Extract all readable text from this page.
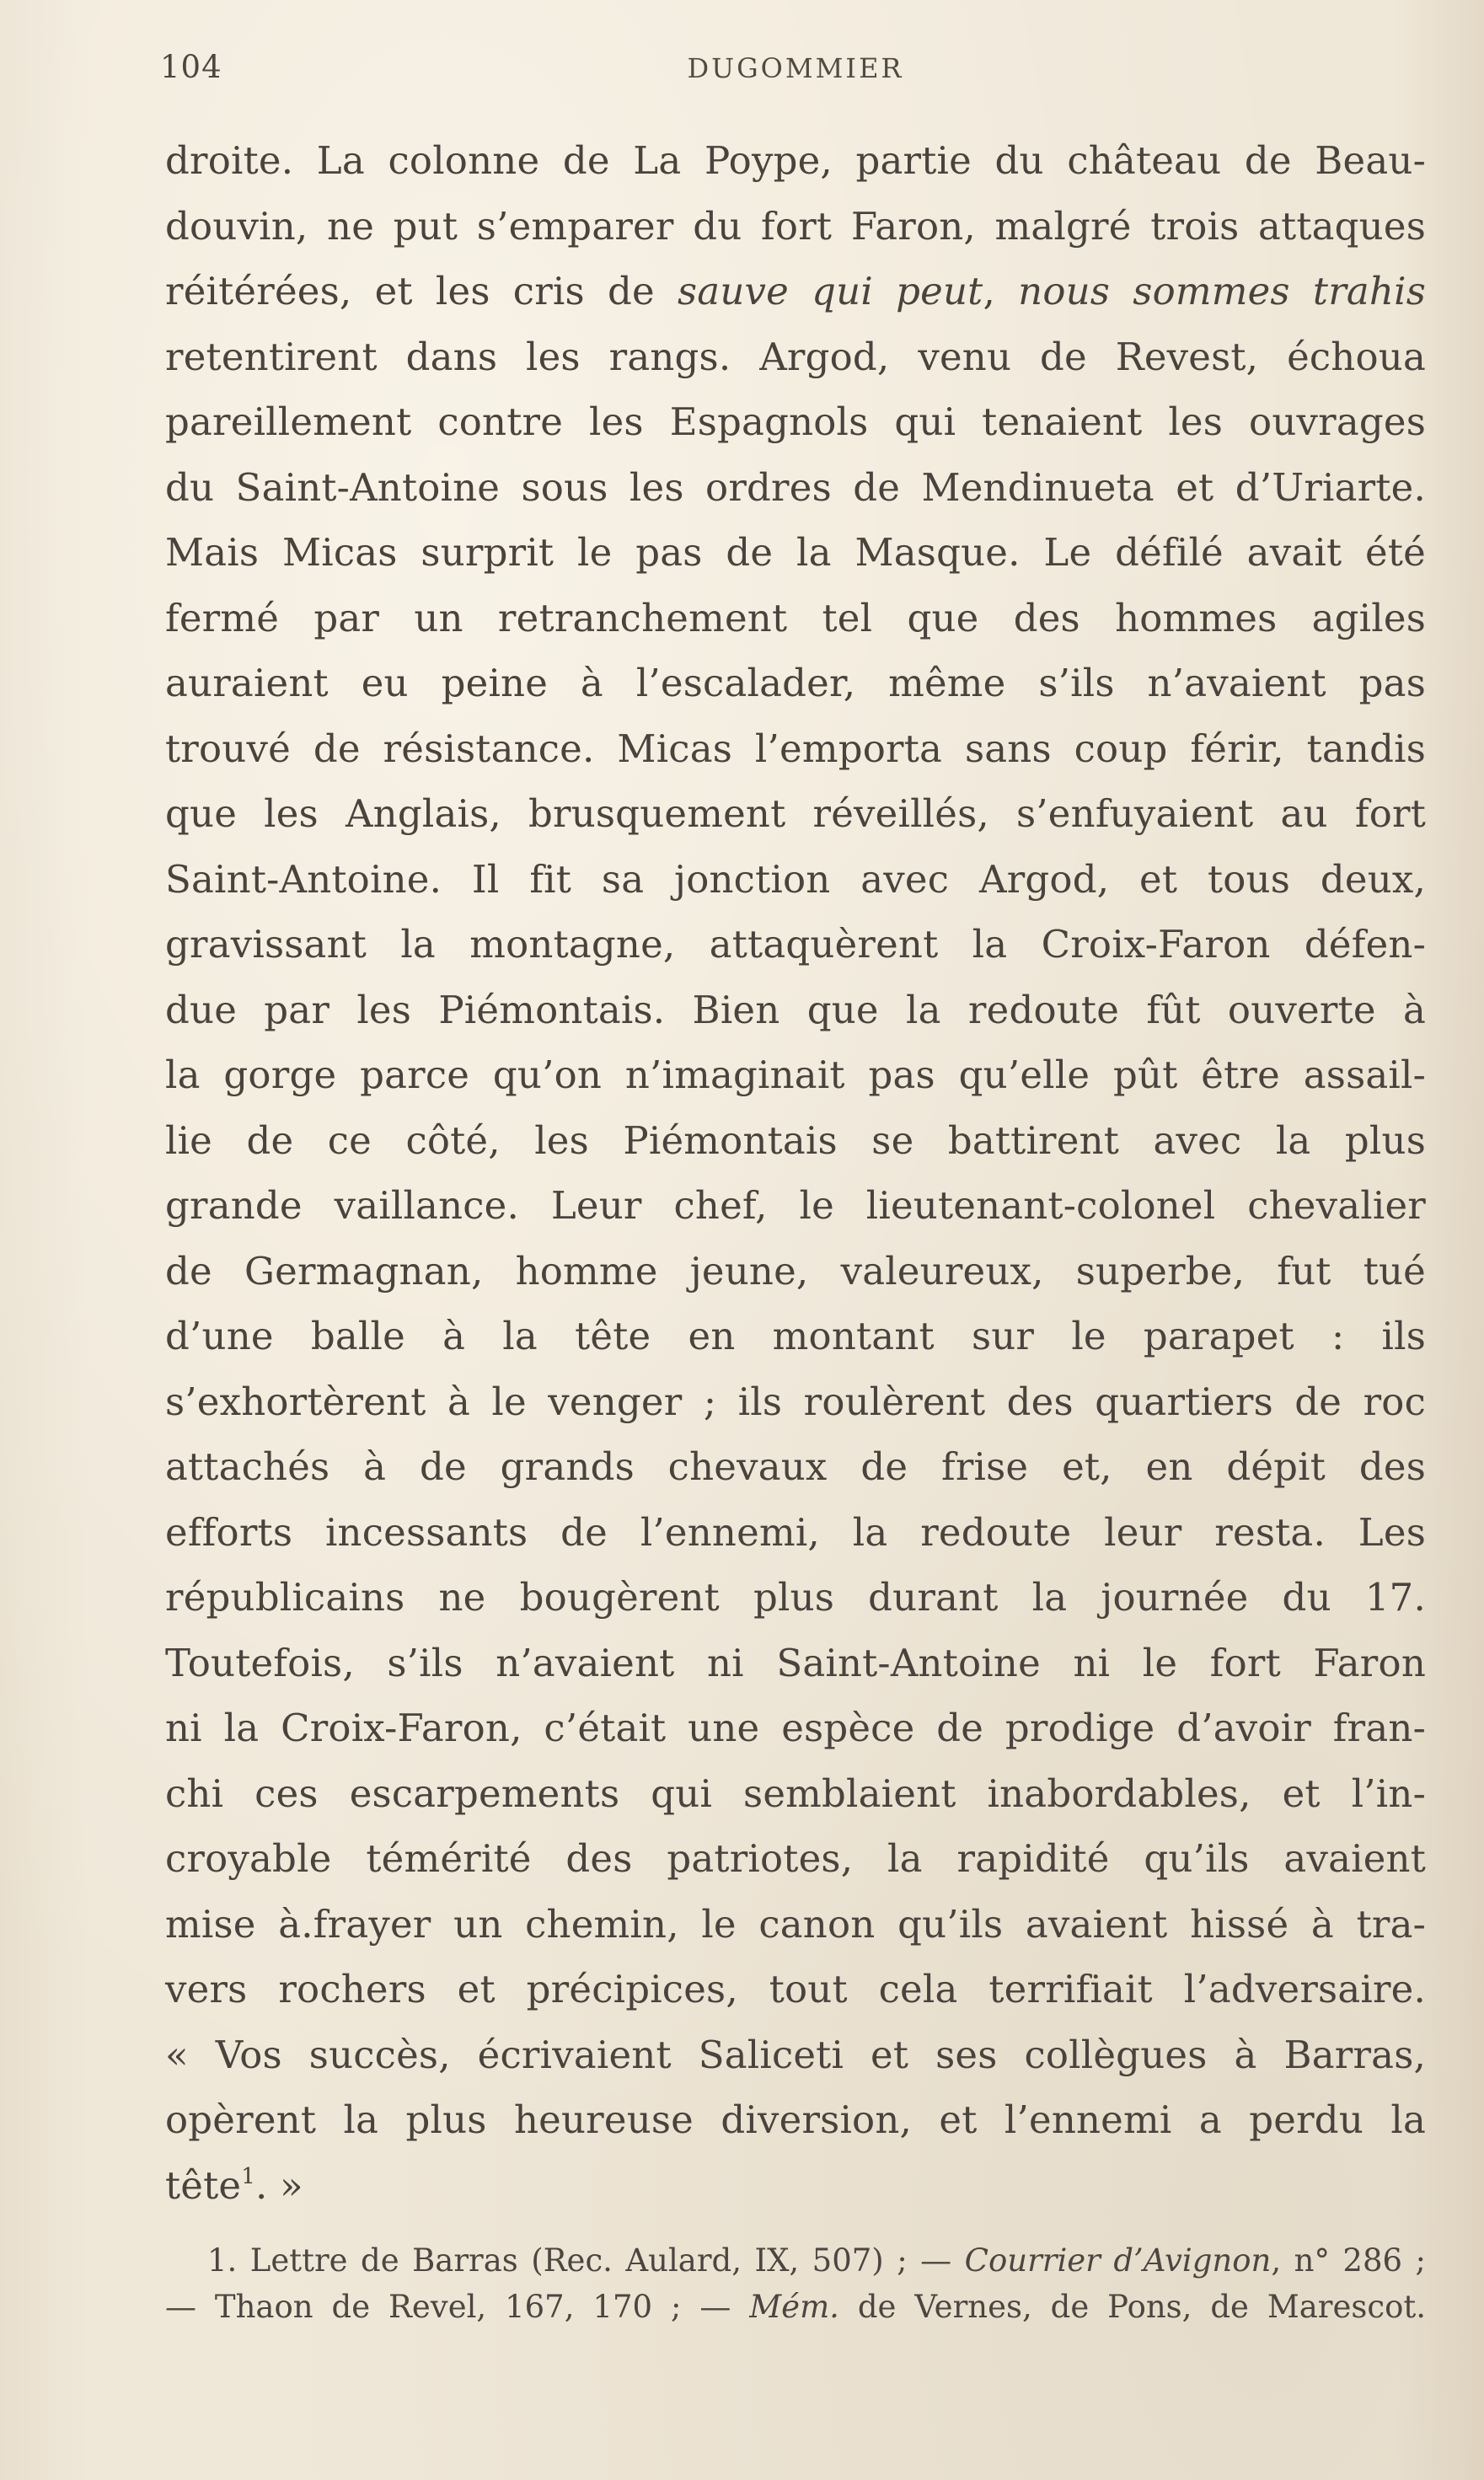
104	DUGOMMIER
droite. La colonne de La Poype, partie du château de Beau-
douvin, ne put s’emparer du fort Faron, malgré trois attaques
réitérées, et les cris de sauve qui peut, nous sommes trahis
retentirent dans les rangs. Argod, venu de Revest, échoua
pareillement contre les Espagnols qui tenaient les ouvrages
du Saint-Antoine sous les ordres de Mendinueta et d’Uriarte.
Mais Micas surprit le pas de la Masque. Le défilé avait été
fermé par un retranchement tel que des hommes agiles
auraient eu peine à l’escalader, même s’ils n’avaient pas
trouvé de résistance. Micas l’emporta sans coup férir, tandis
que les Anglais, brusquement réveillés, s’enfuyaient au fort
Saint-Antoine. Il fit sa jonction avec Argod, et tous deux,
gravissant la montagne, attaquèrent la Croix-Faron défen-
due par les Piémontais. Bien que la redoute fût ouverte à
la gorge parce qu’on n’imaginait pas qu’elle pût être assail-
lie de ce côté, les Piémontais se battirent avec la plus
grande vaillance. Leur chef, le lieutenant-colonel chevalier
de Germagnan, homme jeune, valeureux, superbe, fut tué
d’une balle à la tête en montant sur le parapet : ils
s’exhortèrent à le venger ; ils roulèrent des quartiers de roc
attachés à de grands chevaux de frise et, en dépit des
efforts incessants de l’ennemi, la redoute leur resta. Les
républicains ne bougèrent plus durant la journée du 17.
Toutefois, s’ils n’avaient ni Saint-Antoine ni le fort Faron
ni la Croix-Faron, c’était une espèce de prodige d’avoir fran-
chi ces escarpements qui semblaient inabordables, et l’in-
croyable témérité des patriotes, la rapidité qu’ils avaient
mise à.frayer un chemin, le canon qu’ils avaient hissé à tra-
vers rochers et précipices, tout cela terrifiait l’adversaire.
« Vos succès, écrivaient Saliceti et ses collègues à Barras,
opèrent la plus heureuse diversion, et l’ennemi a perdu la
tête$^1$. »
1. Lettre de Barras (Rec. Aulard, IX, 507) ; — Courrier d’Avignon, n° 286 ;
— Thaon de Revel, 167, 170 ; — Mém. de Vernes, de Pons, de Marescot.
